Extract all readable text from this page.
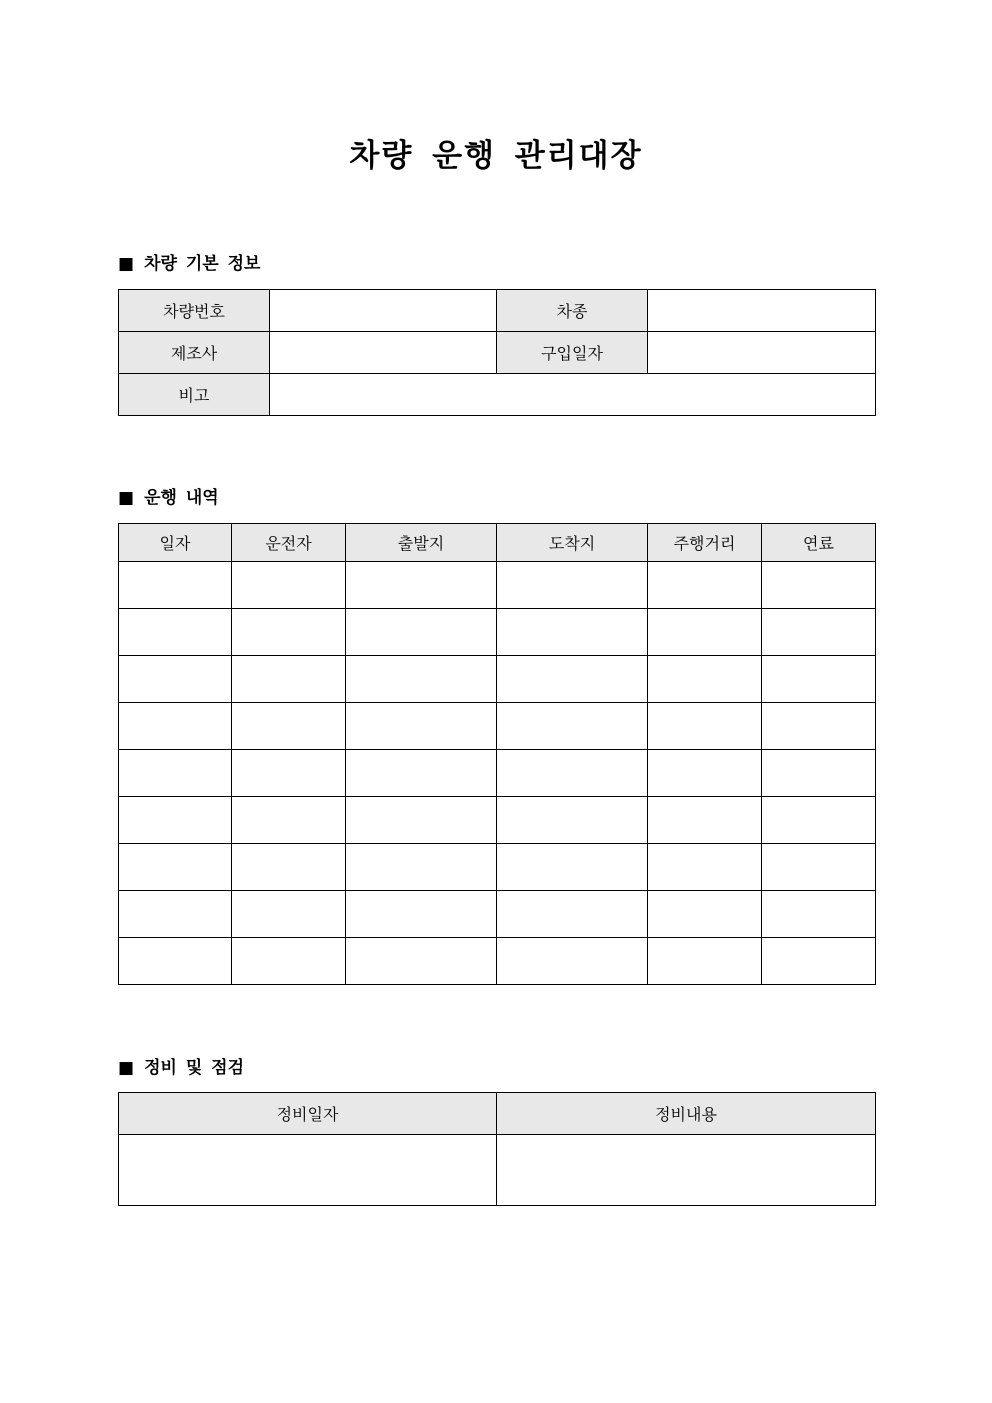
차량 운행 관리대장
■ 차량 기본 정보
차량번호		차종	
제조사		구입일자	
비고			
■ 운행 내역
일자	운전자	출발지	도착지	주행거리	연료

■ 정비 및 점검
정비일자	정비내용
